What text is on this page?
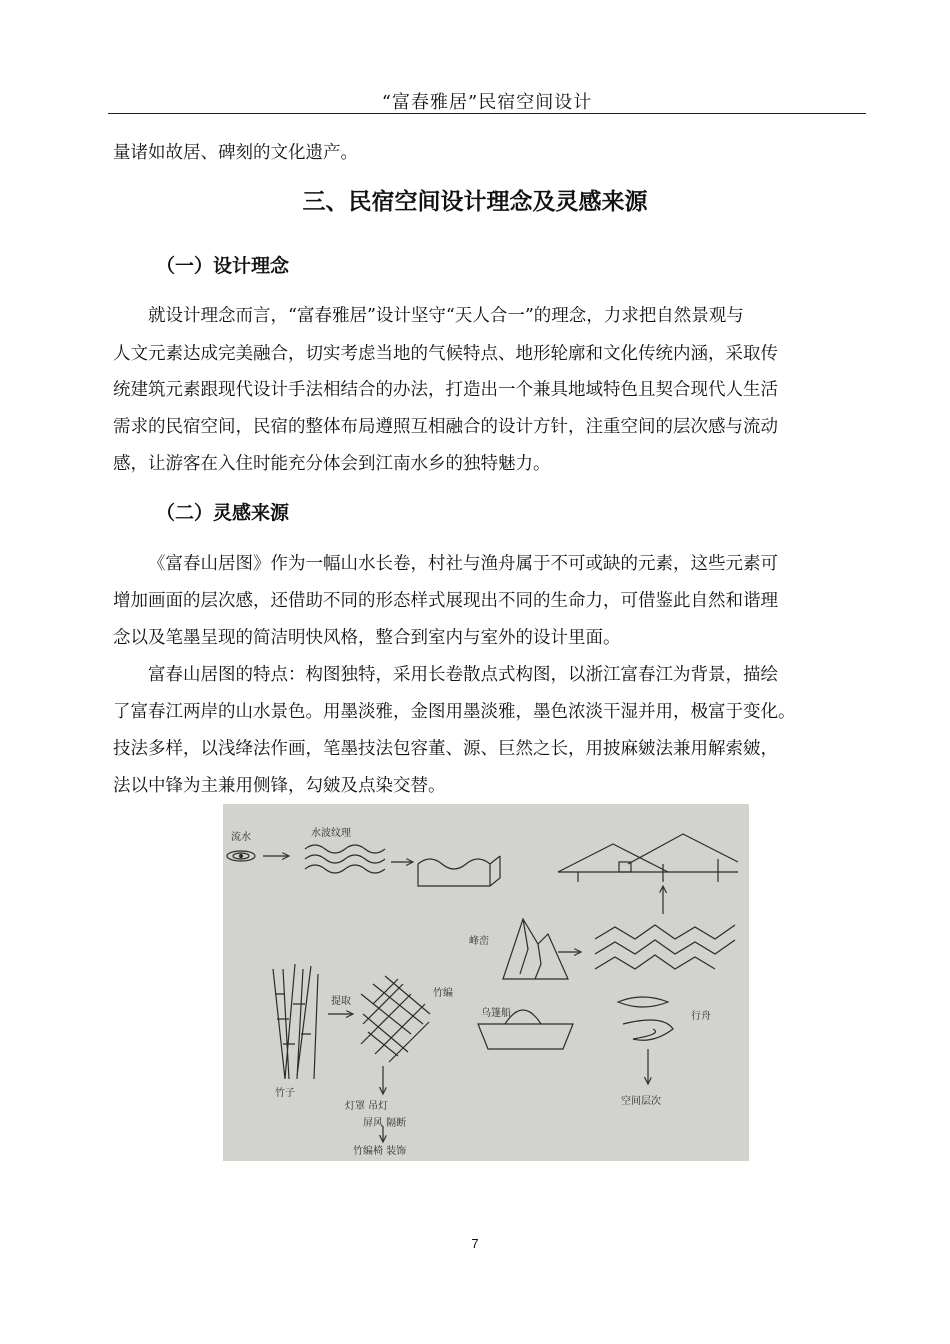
“富春雅居”民宿空间设计
量诸如故居、碑刻的文化遗产。
三、民宿空间设计理念及灵感来源
（一）设计理念
就设计理念而言，“富春雅居”设计坚守“天人合一”的理念，力求把自然景观与
人文元素达成完美融合，切实考虑当地的气候特点、地形轮廓和文化传统内涵，采取传
统建筑元素跟现代设计手法相结合的办法，打造出一个兼具地域特色且契合现代人生活
需求的民宿空间，民宿的整体布局遵照互相融合的设计方针，注重空间的层次感与流动
感，让游客在入住时能充分体会到江南水乡的独特魅力。
（二）灵感来源
《富春山居图》作为一幅山水长卷，村社与渔舟属于不可或缺的元素，这些元素可
增加画面的层次感，还借助不同的形态样式展现出不同的生命力，可借鉴此自然和谐理
念以及笔墨呈现的简洁明快风格，整合到室内与室外的设计里面。
富春山居图的特点：构图独特，采用长卷散点式构图，以浙江富春江为背景，描绘
了富春江两岸的山水景色。用墨淡雅，金图用墨淡雅，墨色浓淡干湿并用，极富于变化。
技法多样，以浅绛法作画，笔墨技法包容董、源、巨然之长，用披麻皴法兼用解索皴，
法以中锋为主兼用侧锋，勾皴及点染交替。
流水	水波纹理
峰峦
竹子
提取
竹编
灯罩 吊灯
屏风 隔断
竹编椅 装饰
乌篷船	行舟
空间层次
7
